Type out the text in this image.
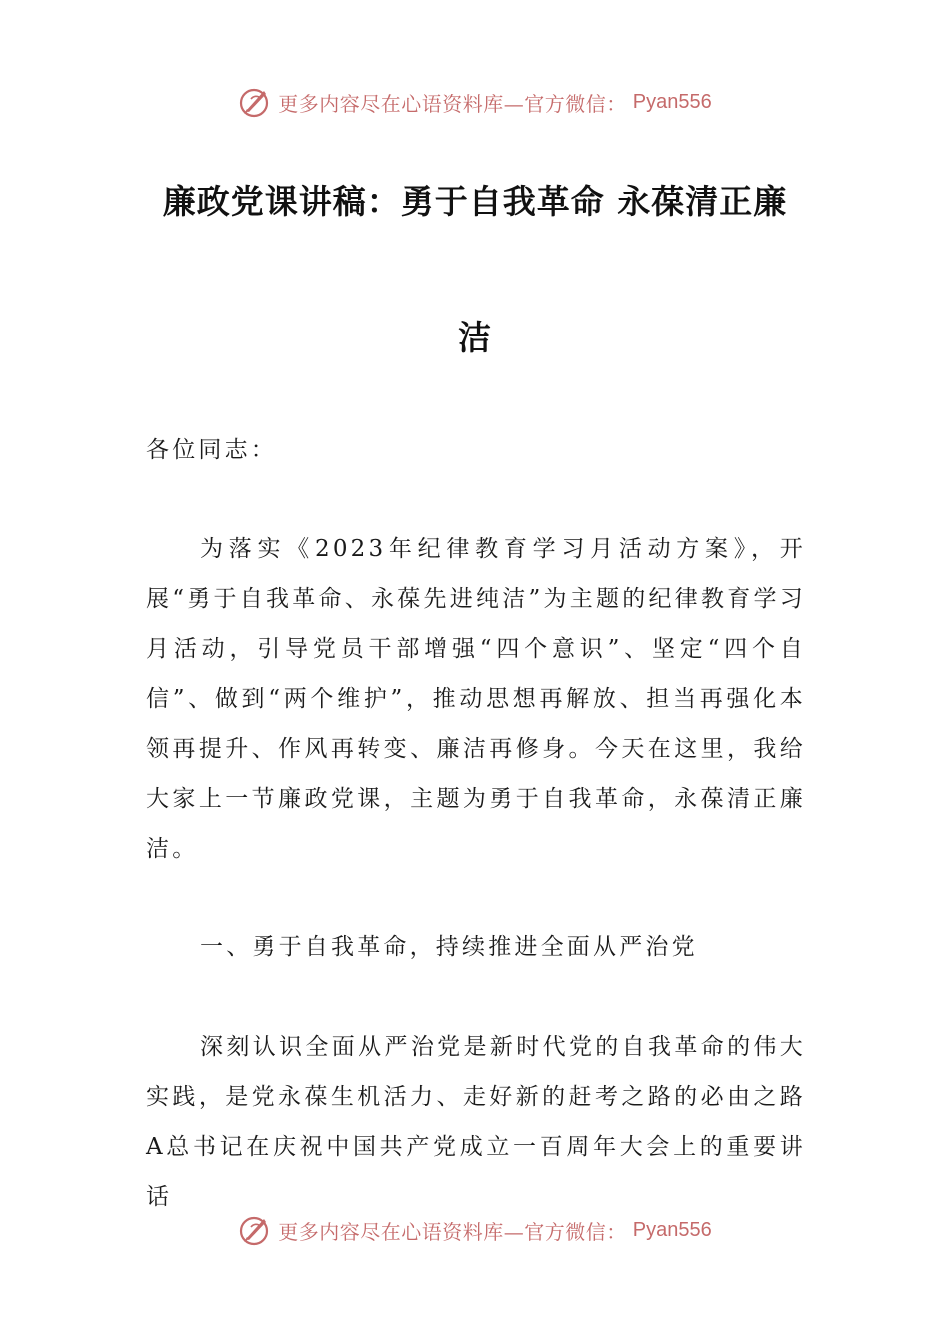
更多内容尽在心语资料库—官方微信： Pyan556
廉政党课讲稿：勇于自我革命 永葆清正廉
洁

各位同志：

为落实《2023年纪律教育学习月活动方案》，开展“勇于自我革命、永葆先进纯洁”为主题的纪律教育学习月活动，引导党员干部增强“四个意识”、坚定“四个自信”、做到“两个维护”，推动思想再解放、担当再强化本领再提升、作风再转变、廉洁再修身。今天在这里，我给大家上一节廉政党课，主题为勇于自我革命，永葆清正廉洁。

一、勇于自我革命，持续推进全面从严治党

深刻认识全面从严治党是新时代党的自我革命的伟大实践，是党永葆生机活力、走好新的赶考之路的必由之路A总书记在庆祝中国共产党成立一百周年大会上的重要讲话

更多内容尽在心语资料库—官方微信： Pyan556
